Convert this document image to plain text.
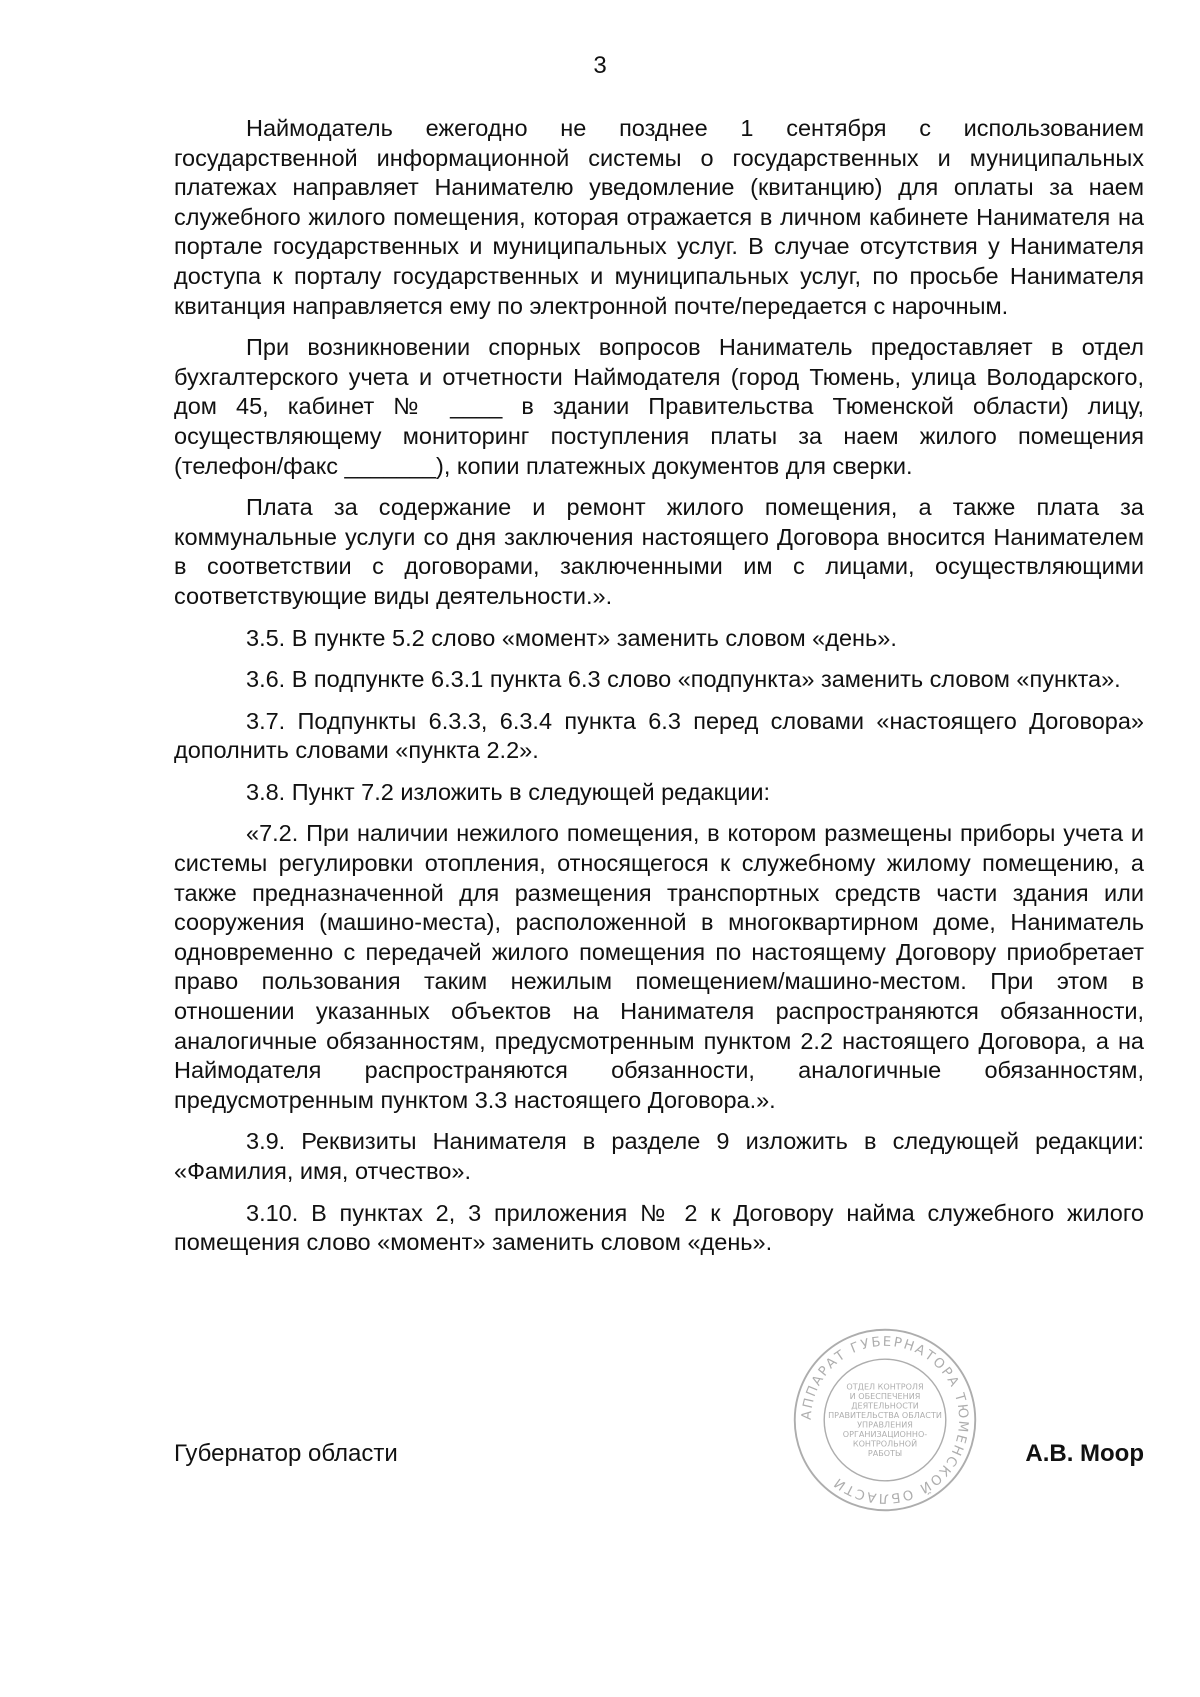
3

Наймодатель ежегодно не позднее 1 сентября с использованием государственной информационной системы о государственных и муниципальных платежах направляет Нанимателю уведомление (квитанцию) для оплаты за наем служебного жилого помещения, которая отражается в личном кабинете Нанимателя на портале государственных и муниципальных услуг. В случае отсутствия у Нанимателя доступа к порталу государственных и муниципальных услуг, по просьбе Нанимателя квитанция направляется ему по электронной почте/передается с нарочным.

При возникновении спорных вопросов Наниматель предоставляет в отдел бухгалтерского учета и отчетности Наймодателя (город Тюмень, улица Володарского, дом 45, кабинет № ____ в здании Правительства Тюменской области) лицу, осуществляющему мониторинг поступления платы за наем жилого помещения (телефон/факс _______), копии платежных документов для сверки.

Плата за содержание и ремонт жилого помещения, а также плата за коммунальные услуги со дня заключения настоящего Договора вносится Нанимателем в соответствии с договорами, заключенными им с лицами, осуществляющими соответствующие виды деятельности.».

3.5. В пункте 5.2 слово «момент» заменить словом «день».

3.6. В подпункте 6.3.1 пункта 6.3 слово «подпункта» заменить словом «пункта».

3.7. Подпункты 6.3.3, 6.3.4 пункта 6.3 перед словами «настоящего Договора» дополнить словами «пункта 2.2».

3.8. Пункт 7.2 изложить в следующей редакции:

«7.2. При наличии нежилого помещения, в котором размещены приборы учета и системы регулировки отопления, относящегося к служебному жилому помещению, а также предназначенной для размещения транспортных средств части здания или сооружения (машино-места), расположенной в многоквартирном доме, Наниматель одновременно с передачей жилого помещения по настоящему Договору приобретает право пользования таким нежилым помещением/машино-местом. При этом в отношении указанных объектов на Нанимателя распространяются обязанности, аналогичные обязанностям, предусмотренным пунктом 2.2 настоящего Договора, а на Наймодателя распространяются обязанности, аналогичные обязанностям, предусмотренным пунктом 3.3 настоящего Договора.».

3.9. Реквизиты Нанимателя в разделе 9 изложить в следующей редакции: «Фамилия, имя, отчество».

3.10. В пунктах 2, 3 приложения № 2 к Договору найма служебного жилого помещения слово «момент» заменить словом «день».

Губернатор области	А.В. Моор
АППАРАТ ГУБЕРНАТОРА ТЮМЕНСКОЙ ОБЛАСТИ
ОТДЕЛ КОНТРОЛЯ
И ОБЕСПЕЧЕНИЯ
ДЕЯТЕЛЬНОСТИ
ПРАВИТЕЛЬСТВА ОБЛАСТИ
УПРАВЛЕНИЯ
ОРГАНИЗАЦИОННО-
КОНТРОЛЬНОЙ
РАБОТЫ
